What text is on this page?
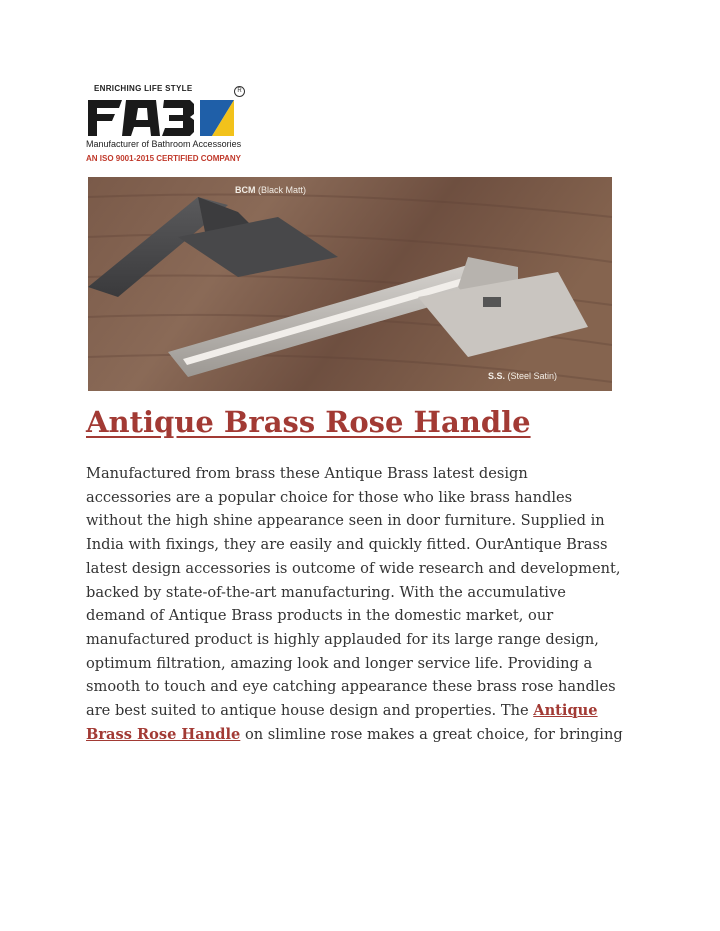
ENRICHING LIFE STYLE	R
Manufacturer of Bathroom Accessories
AN ISO 9001-2015 CERTIFIED COMPANY
BCM (Black Matt)
S.S. (Steel Satin)
Antique Brass Rose Handle
Manufactured from brass these Antique Brass latest design
accessories are a popular choice for those who like brass handles
without the high shine appearance seen in door furniture. Supplied in
India with fixings, they are easily and quickly fitted. OurAntique Brass
latest design accessories is outcome of wide research and development,
backed by state-of-the-art manufacturing. With the accumulative
demand of Antique Brass products in the domestic market, our
manufactured product is highly applauded for its large range design,
optimum filtration, amazing look and longer service life. Providing a
smooth to touch and eye catching appearance these brass rose handles
are best suited to antique house design and properties. The Antique
Brass Rose Handle on slimline rose makes a great choice, for bringing
